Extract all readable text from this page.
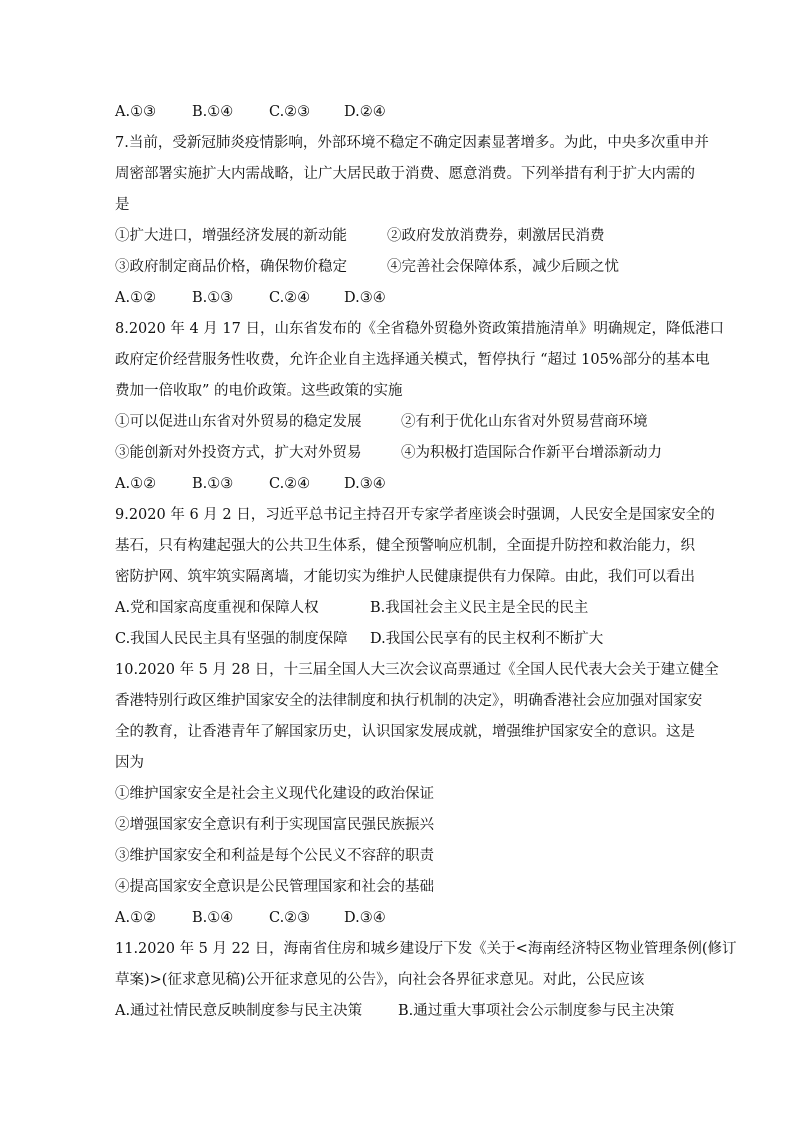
A.①③ B.①④ C.②③ D.②④
7.当前，受新冠肺炎疫情影响，外部环境不稳定不确定因素显著增多。为此，中央多次重申并
周密部署实施扩大内需战略，让广大居民敢于消费、愿意消费。下列举措有利于扩大内需的
是
①扩大进口，增强经济发展的新动能	②政府发放消费券，刺激居民消费
③政府制定商品价格，确保物价稳定	④完善社会保障体系，减少后顾之忧
A.①② B.①③ C.②④ D.③④
8.2020 年 4 月 17 日，山东省发布的《全省稳外贸稳外资政策措施清单》明确规定，降低港口
政府定价经营服务性收费，允许企业自主选择通关模式，暂停执行 “超过 105%部分的基本电
费加一倍收取” 的电价政策。这些政策的实施
①可以促进山东省对外贸易的稳定发展	②有利于优化山东省对外贸易营商环境
③能创新对外投资方式，扩大对外贸易	④为积极打造国际合作新平台增添新动力
A.①② B.①③ C.②④ D.③④
9.2020 年 6 月 2 日，习近平总书记主持召开专家学者座谈会时强调，人民安全是国家安全的
基石，只有构建起强大的公共卫生体系，健全预警响应机制，全面提升防控和救治能力，织
密防护网、筑牢筑实隔离墙，才能切实为维护人民健康提供有力保障。由此，我们可以看出
A.党和国家高度重视和保障人权	B.我国社会主义民主是全民的民主
C.我国人民民主具有坚强的制度保障 D.我国公民享有的民主权利不断扩大
10.2020 年 5 月 28 日，十三届全国人大三次会议高票通过《全国人民代表大会关于建立健全
香港特别行政区维护国家安全的法律制度和执行机制的决定》，明确香港社会应加强对国家安
全的教育，让香港青年了解国家历史，认识国家发展成就，增强维护国家安全的意识。这是
因为
①维护国家安全是社会主义现代化建设的政治保证
②增强国家安全意识有利于实现国富民强民族振兴
③维护国家安全和利益是每个公民义不容辞的职责
④提高国家安全意识是公民管理国家和社会的基础
A.①② B.①④ C.②③ D.③④
11.2020 年 5 月 22 日，海南省住房和城乡建设厅下发《关于<海南经济特区物业管理条例(修订
草案)>(征求意见稿)公开征求意见的公告》，向社会各界征求意见。对此，公民应该
A.通过社情民意反映制度参与民主决策 B.通过重大事项社会公示制度参与民主决策
